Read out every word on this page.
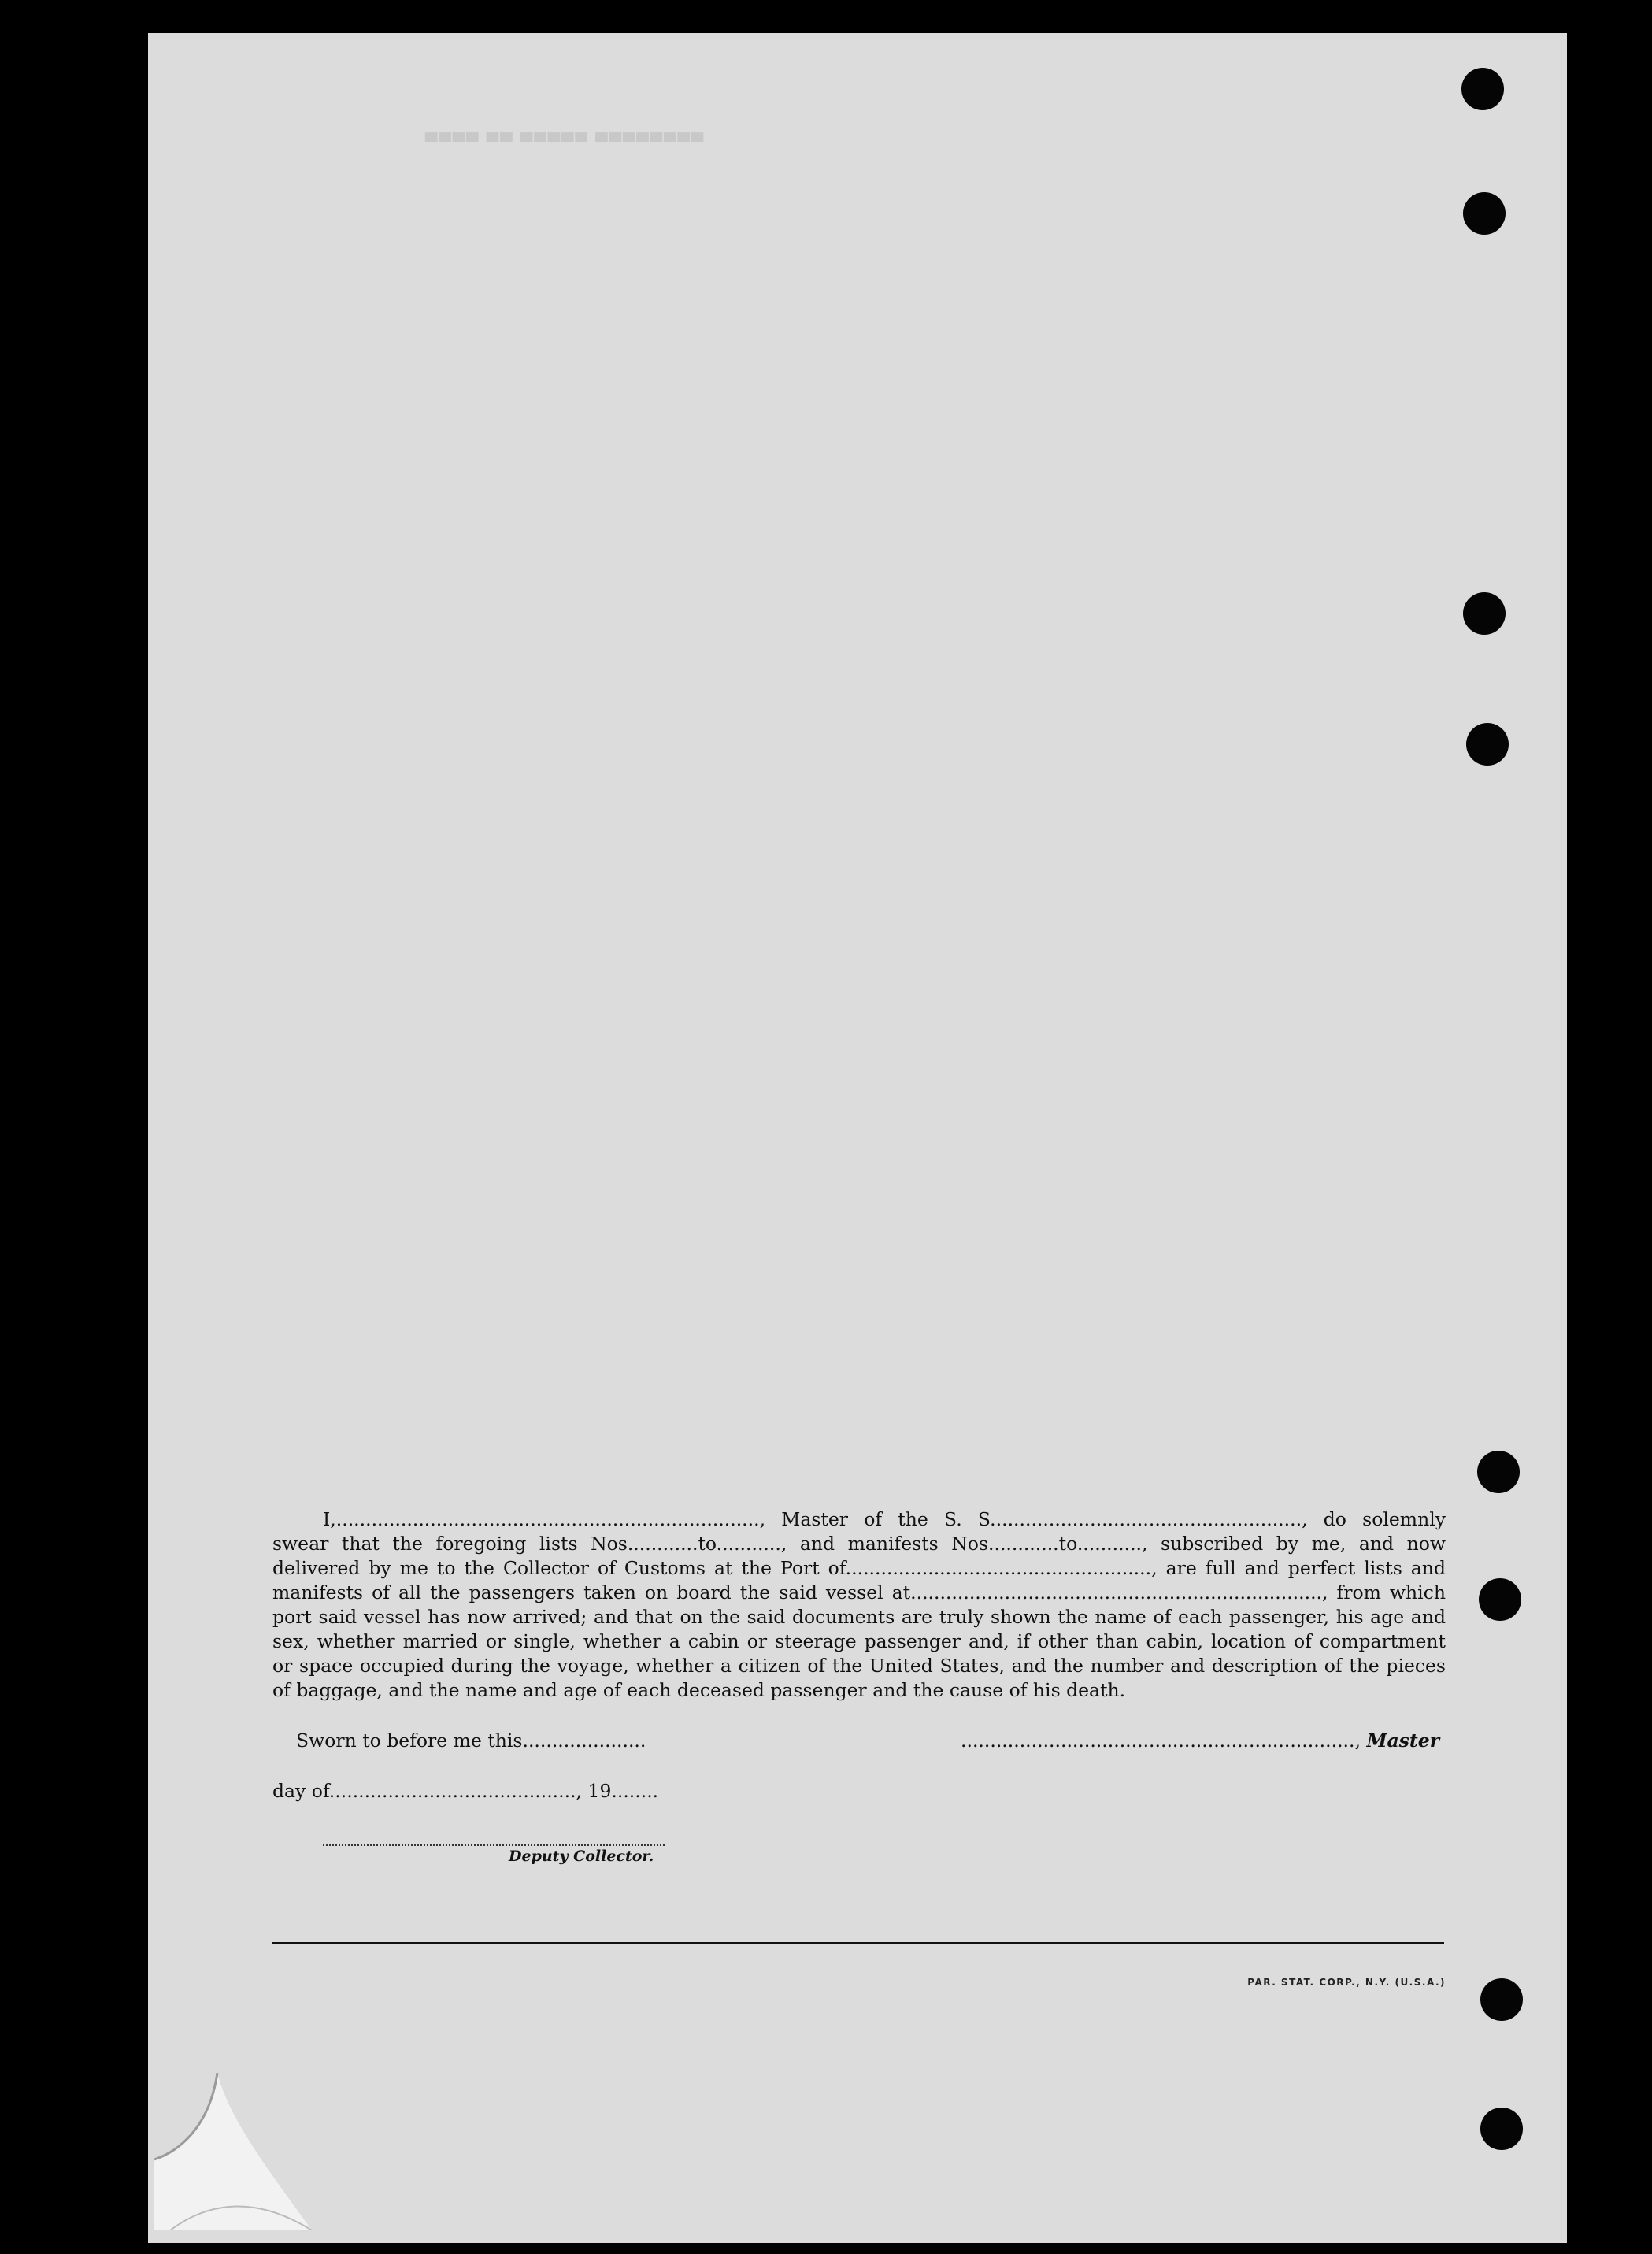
▀▀▀▀ ▀▀ ▀▀▀▀▀ ▀▀▀▀▀▀▀▀
I,........................................................................, Master of the S. S....................................................., do solemnly
swear that the foregoing lists Nos............to..........., and manifests Nos............to..........., subscribed by me, and now
delivered by me to the Collector of Customs at the Port of...................................................., are full and perfect lists and
manifests of all the passengers taken on board the said vessel at......................................................................, from which
port said vessel has now arrived; and that on the said documents are truly shown the name of each passenger, his age and
sex, whether married or single, whether a cabin or steerage passenger and, if other than cabin, location of compartment
or space occupied during the voyage, whether a citizen of the United States, and the number and description of the pieces
of baggage, and the name and age of each deceased passenger and the cause of his death.
Sworn to before me this.....................	..................................................................., Master
day of.........................................., 19........
Deputy Collector.
PAR. STAT. CORP., N.Y. (U.S.A.)
